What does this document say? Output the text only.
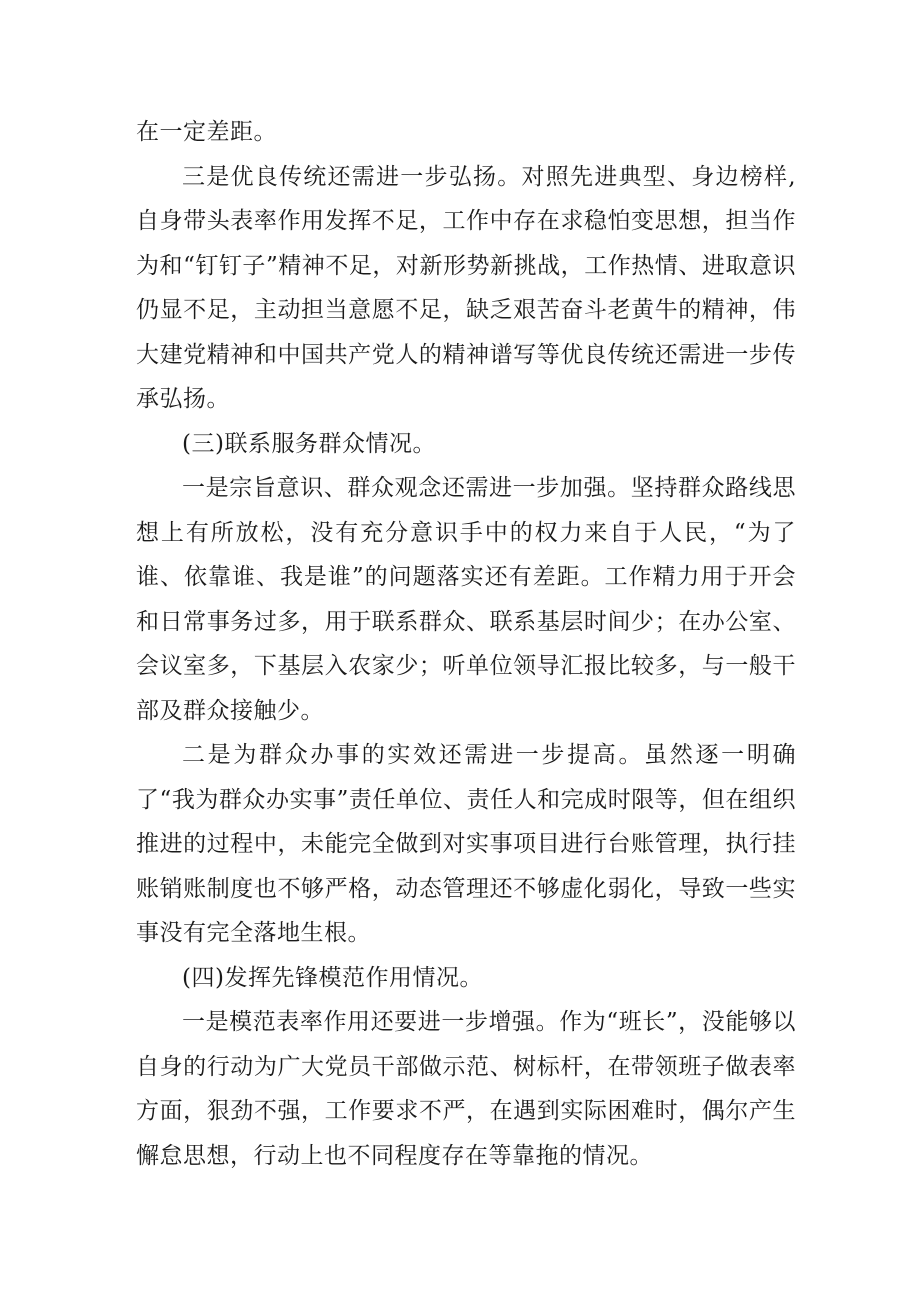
在一定差距。

三是优良传统还需进一步弘扬。对照先进典型、身边榜样,自身带头表率作用发挥不足，工作中存在求稳怕变思想，担当作为和“钉钉子”精神不足，对新形势新挑战，工作热情、进取意识仍显不足，主动担当意愿不足，缺乏艰苦奋斗老黄牛的精神，伟大建党精神和中国共产党人的精神谱写等优良传统还需进一步传承弘扬。

(三)联系服务群众情况。

一是宗旨意识、群众观念还需进一步加强。坚持群众路线思想上有所放松，没有充分意识手中的权力来自于人民，“为了谁、依靠谁、我是谁”的问题落实还有差距。工作精力用于开会和日常事务过多，用于联系群众、联系基层时间少；在办公室、会议室多，下基层入农家少；听单位领导汇报比较多，与一般干部及群众接触少。

二是为群众办事的实效还需进一步提高。虽然逐一明确了“我为群众办实事”责任单位、责任人和完成时限等，但在组织推进的过程中，未能完全做到对实事项目进行台账管理，执行挂账销账制度也不够严格，动态管理还不够虚化弱化，导致一些实事没有完全落地生根。

(四)发挥先锋模范作用情况。

一是模范表率作用还要进一步增强。作为“班长”，没能够以自身的行动为广大党员干部做示范、树标杆，在带领班子做表率方面，狠劲不强，工作要求不严，在遇到实际困难时，偶尔产生懈怠思想，行动上也不同程度存在等靠拖的情况。
